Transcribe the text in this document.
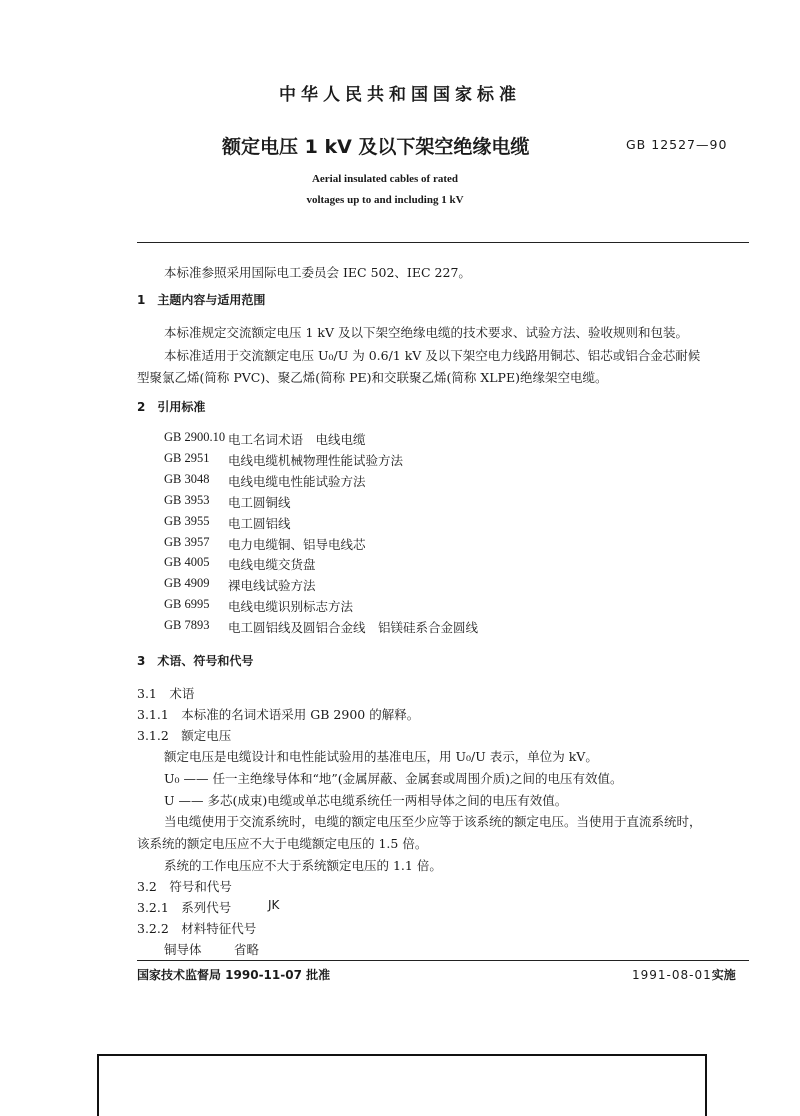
中华人民共和国国家标准
额定电压 1 kV 及以下架空绝缘电缆	GB 12527—90
Aerial insulated cables of rated
voltages up to and including 1 kV
本标准参照采用国际电工委员会 IEC 502、IEC 227。
1　主题内容与适用范围
本标准规定交流额定电压 1 kV 及以下架空绝缘电缆的技术要求、试验方法、验收规则和包装。
本标准适用于交流额定电压 U₀/U 为 0.6/1 kV 及以下架空电力线路用铜芯、铝芯或铝合金芯耐候
型聚氯乙烯(简称 PVC)、聚乙烯(简称 PE)和交联聚乙烯(简称 XLPE)绝缘架空电缆。
2　引用标准
GB 2900.10 电工名词术语　电线电缆
GB 2951 电线电缆机械物理性能试验方法
GB 3048 电线电缆电性能试验方法
GB 3953 电工圆铜线
GB 3955 电工圆铝线
GB 3957 电力电缆铜、铝导电线芯
GB 4005 电线电缆交货盘
GB 4909 裸电线试验方法
GB 6995 电线电缆识别标志方法
GB 7893 电工圆铝线及圆铝合金线　铝镁硅系合金圆线
3　术语、符号和代号
3.1　术语
3.1.1　本标准的名词术语采用 GB 2900 的解释。
3.1.2　额定电压
额定电压是电缆设计和电性能试验用的基准电压，用 U₀/U 表示，单位为 kV。
U₀ —— 任一主绝缘导体和“地”(金属屏蔽、金属套或周围介质)之间的电压有效值。
U —— 多芯(成束)电缆或单芯电缆系统任一两相导体之间的电压有效值。
当电缆使用于交流系统时，电缆的额定电压至少应等于该系统的额定电压。当使用于直流系统时，
该系统的额定电压应不大于电缆额定电压的 1.5 倍。
系统的工作电压应不大于系统额定电压的 1.1 倍。
3.2　符号和代号
3.2.1　系列代号	JK
3.2.2　材料特征代号
铜导体	省略
国家技术监督局 1990-11-07 批准	1991-08-01实施
